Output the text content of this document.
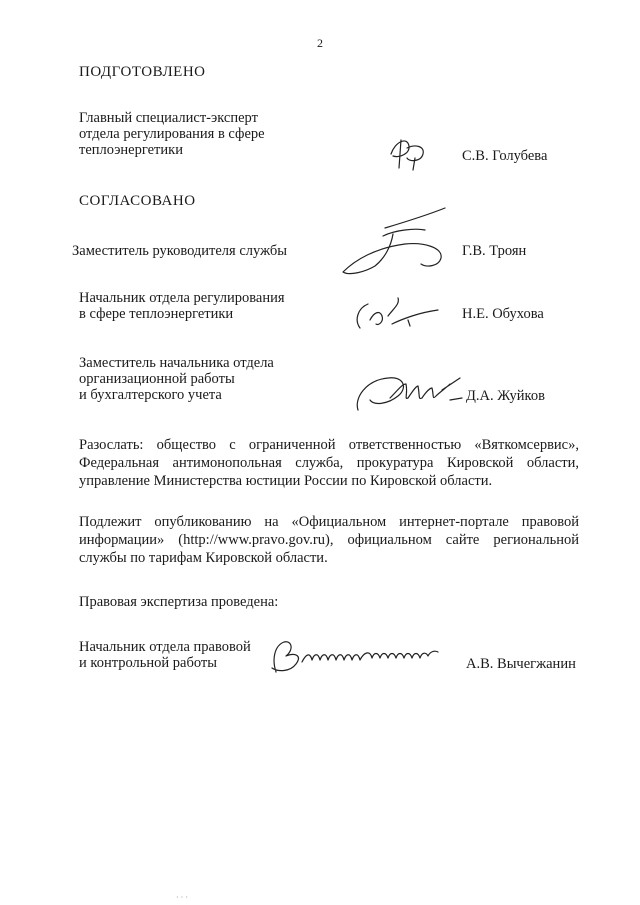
2
ПОДГОТОВЛЕНО
Главный специалист-эксперт
отдела регулирования в сфере
теплоэнергетики	С.В. Голубева
СОГЛАСОВАНО
Заместитель руководителя службы	Г.В. Троян
Начальник отдела регулирования
в сфере теплоэнергетики	Н.Е. Обухова
Заместитель начальника отдела
организационной работы
и бухгалтерского учета	Д.А. Жуйков
Разослать: общество с ограниченной ответственностью «Вяткомсервис», Федеральная антимонопольная служба, прокуратура Кировской области, управление Министерства юстиции России по Кировской области.
Подлежит опубликованию на «Официальном интернет-портале правовой информации» (http://www.pravo.gov.ru), официальном сайте региональной службы по тарифам Кировской области.
Правовая экспертиза проведена:
Начальник отдела правовой
и контрольной работы	А.В. Вычегжанин
· · ·
